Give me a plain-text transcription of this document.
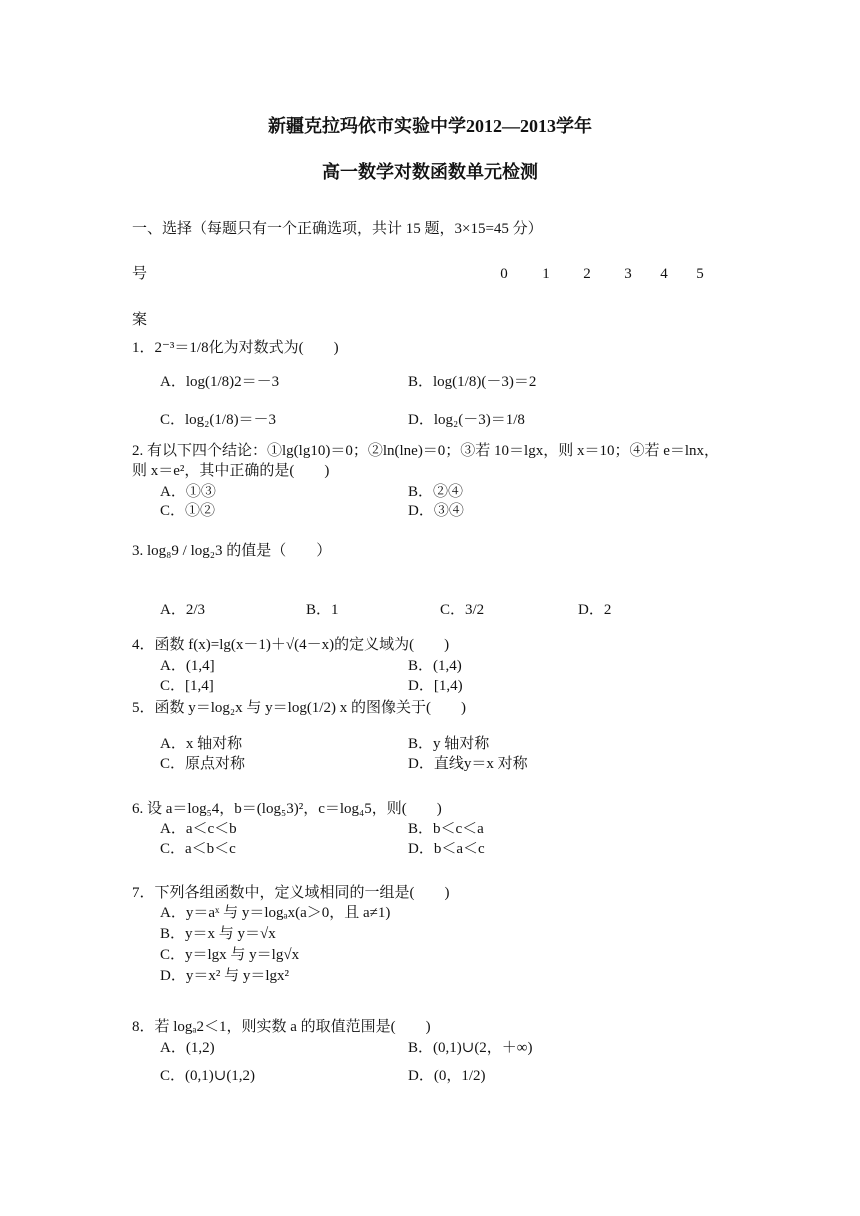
新疆克拉玛依市实验中学2012—2013学年
高一数学对数函数单元检测
一、选择（每题只有一个正确选项，共计 15 题，3×15=45 分）
号
案
0	1	2	3	4	5
1．2⁻³＝1/8化为对数式为(　　)
A．log(1/8)2＝－3	B．log(1/8)(－3)＝2
C．log₂(1/8)＝－3	D．log₂(－3)＝1/8
2. 有以下四个结论：①lg(lg10)＝0；②ln(lne)＝0；③若 10＝lgx，则 x＝10；④若 e＝lnx，
则 x＝e²，其中正确的是(　　)
A．①③	B．②④
C．①②	D．③④
3. log₈9 / log₂3 的值是（　　）
A．2/3	B．1	C．3/2	D．2
4．函数 f(x)=lg(x－1)＋√(4－x)的定义域为(　　)
A．(1,4]	B．(1,4)
C．[1,4]	D．[1,4)
5．函数 y＝log₂x 与 y＝log(1/2) x 的图像关于(　　)
A．x 轴对称	B．y 轴对称
C．原点对称	D．直线y＝x 对称
6. 设 a＝log₅4，b＝(log₅3)²，c＝log₄5，则(　　)
A．a＜c＜b	B．b＜c＜a
C．a＜b＜c	D．b＜a＜c
7．下列各组函数中，定义域相同的一组是(　　)
A．y＝aˣ 与 y＝logₐx(a＞0，且 a≠1)
B．y＝x 与 y＝√x
C．y＝lgx 与 y＝lg√x
D．y＝x² 与 y＝lgx²
8．若 logₐ2＜1，则实数 a 的取值范围是(　　)
A．(1,2)	B．(0,1)∪(2，＋∞)
C．(0,1)∪(1,2)	D．(0，1/2)
